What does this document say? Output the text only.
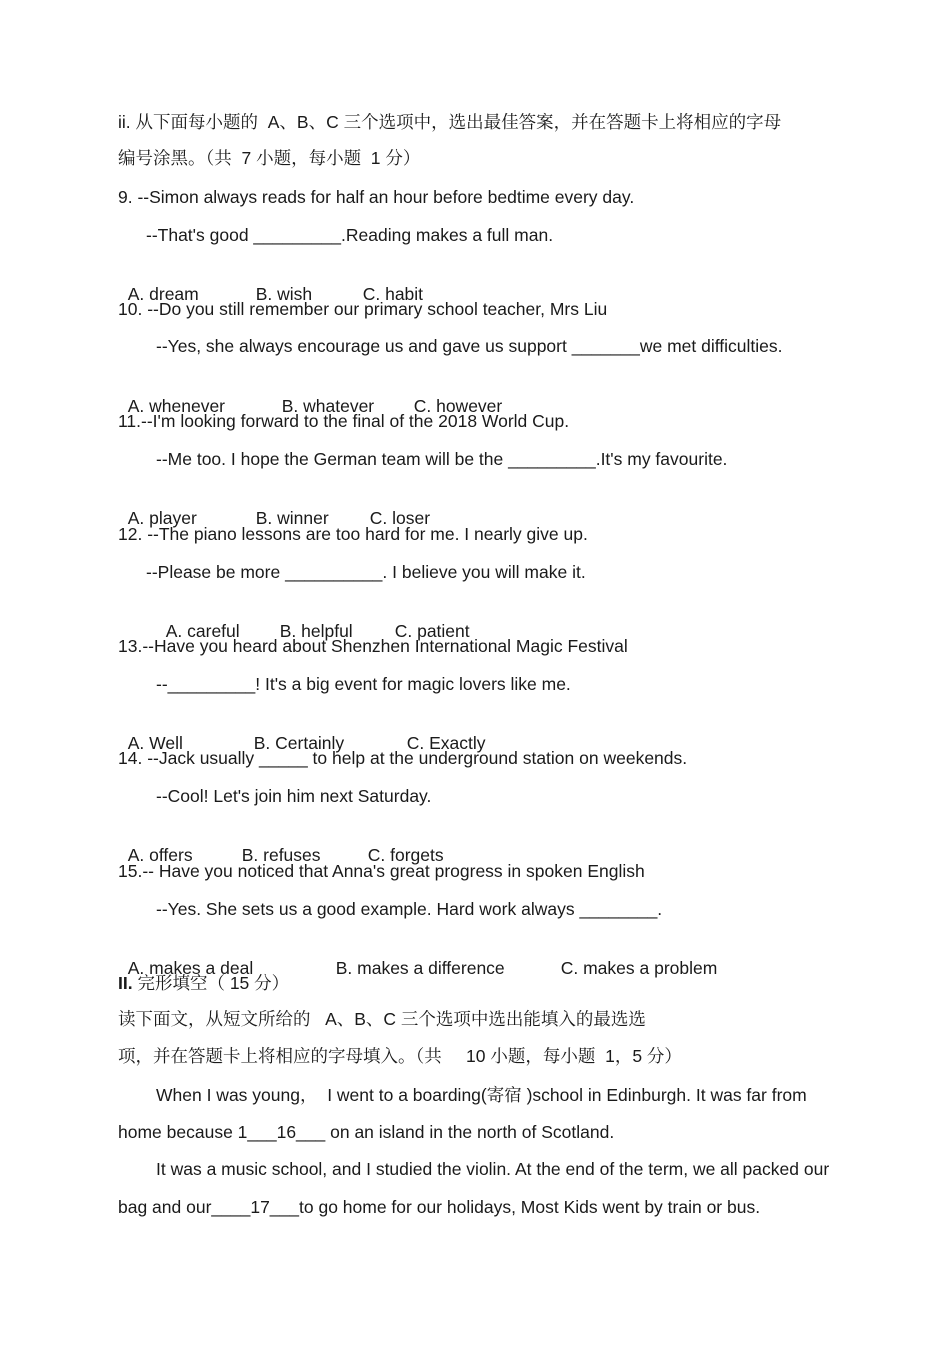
ii. 从下面每小题的  A、B、C 三个选项中，选出最佳答案，并在答题卡上将相应的字母
编号涂黑。（共  7 小题，每小题  1 分）
9. --Simon always reads for half an hour before bedtime every day.
--That's good _________.Reading makes a full man.

A. dream	B. wish	C. habit

10. --Do you still remember our primary school teacher, Mrs Liu
--Yes, she always encourage us and gave us support _______we met difficulties.

A. whenever	B. whatever C. however

11.--I'm looking forward to the final of the 2018 World Cup.
--Me too. I hope the German team will be the _________.It's my favourite.

A. player	B. winner C. loser

12. --The piano lessons are too hard for me. I nearly give up.
--Please be more __________. I believe you will make it.

A. careful B. helpful C. patient

13.--Have you heard about Shenzhen International Magic Festival
--_________! It's a big event for magic lovers like me.

A. Well	B. Certainly	C. Exactly

14. --Jack usually _____ to help at the underground station on weekends.
--Cool! Let's join him next Saturday.

A. offers	B. refuses	C. forgets

15.-- Have you noticed that Anna's great progress in spoken English
--Yes. She sets us a good example. Hard work always ________.

A. makes a deal	B. makes a difference	C. makes a problem

II. 完形填空（ 15 分）
读下面文，从短文所给的   A、B、C 三个选项中选出能填入的最选选
项，并在答题卡上将相应的字母填入。（共     10 小题，每小题  1，5 分）
When I was young，  I went to a boarding(寄宿 )school in Edinburgh. It was far from
home because 1___16___ on an island in the north of Scotland.
It was a music school, and I studied the violin. At the end of the term, we all packed our
bag and our____17___to go home for our holidays, Most Kids went by train or bus.
